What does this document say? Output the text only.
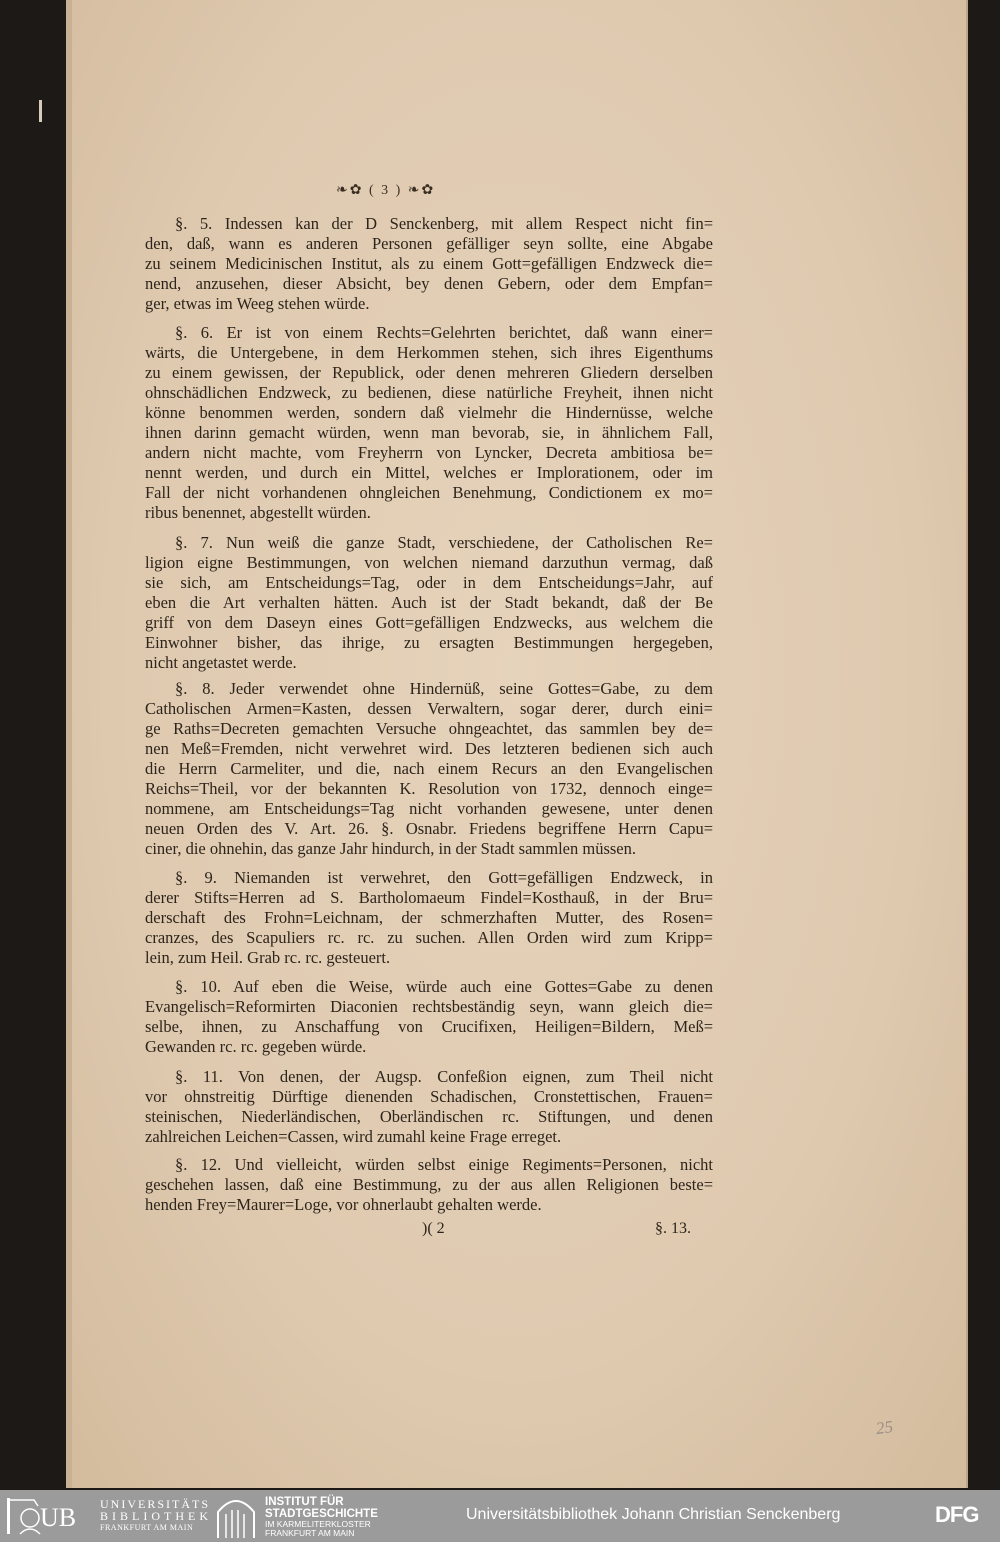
❧✿ ( 3 ) ❧✿
§. 5. Indessen kan der D Senckenberg, mit allem Respect nicht fin=
den, daß, wann es anderen Personen gefälliger seyn sollte, eine Abgabe
zu seinem Medicinischen Institut, als zu einem Gott=gefälligen Endzweck die=
nend, anzusehen, dieser Absicht, bey denen Gebern, oder dem Empfan=
ger, etwas im Weeg stehen würde.
§. 6. Er ist von einem Rechts=Gelehrten berichtet, daß wann einer=
wärts, die Untergebene, in dem Herkommen stehen, sich ihres Eigenthums
zu einem gewissen, der Republick, oder denen mehreren Gliedern derselben
ohnschädlichen Endzweck, zu bedienen, diese natürliche Freyheit, ihnen nicht
könne benommen werden, sondern daß vielmehr die Hindernüsse, welche
ihnen darinn gemacht würden, wenn man bevorab, sie, in ähnlichem Fall,
andern nicht machte, vom Freyherrn von Lyncker, Decreta ambitiosa be=
nennt werden, und durch ein Mittel, welches er Implorationem, oder im
Fall der nicht vorhandenen ohngleichen Benehmung, Condictionem ex mo=
ribus benennet, abgestellt würden.
§. 7. Nun weiß die ganze Stadt, verschiedene, der Catholischen Re=
ligion eigne Bestimmungen, von welchen niemand darzuthun vermag, daß
sie sich, am Entscheidungs=Tag, oder in dem Entscheidungs=Jahr, auf
eben die Art verhalten hätten. Auch ist der Stadt bekandt, daß der Be
griff von dem Daseyn eines Gott=gefälligen Endzwecks, aus welchem die
Einwohner bisher, das ihrige, zu ersagten Bestimmungen hergegeben,
nicht angetastet werde.
§. 8. Jeder verwendet ohne Hindernüß, seine Gottes=Gabe, zu dem
Catholischen Armen=Kasten, dessen Verwaltern, sogar derer, durch eini=
ge Raths=Decreten gemachten Versuche ohngeachtet, das sammlen bey de=
nen Meß=Fremden, nicht verwehret wird. Des letzteren bedienen sich auch
die Herrn Carmeliter, und die, nach einem Recurs an den Evangelischen
Reichs=Theil, vor der bekannten K. Resolution von 1732, dennoch einge=
nommene, am Entscheidungs=Tag nicht vorhanden gewesene, unter denen
neuen Orden des V. Art. 26. §. Osnabr. Friedens begriffene Herrn Capu=
ciner, die ohnehin, das ganze Jahr hindurch, in der Stadt sammlen müssen.
§. 9. Niemanden ist verwehret, den Gott=gefälligen Endzweck, in
derer Stifts=Herren ad S. Bartholomaeum Findel=Kosthauß, in der Bru=
derschaft des Frohn=Leichnam, der schmerzhaften Mutter, des Rosen=
cranzes, des Scapuliers rc. rc. zu suchen. Allen Orden wird zum Kripp=
lein, zum Heil. Grab rc. rc. gesteuert.
§. 10. Auf eben die Weise, würde auch eine Gottes=Gabe zu denen
Evangelisch=Reformirten Diaconien rechtsbeständig seyn, wann gleich die=
selbe, ihnen, zu Anschaffung von Crucifixen, Heiligen=Bildern, Meß=
Gewanden rc. rc. gegeben würde.
§. 11. Von denen, der Augsp. Confeßion eignen, zum Theil nicht
vor ohnstreitig Dürftige dienenden Schadischen, Cronstettischen, Frauen=
steinischen, Niederländischen, Oberländischen rc. Stiftungen, und denen
zahlreichen Leichen=Cassen, wird zumahl keine Frage erreget.
§. 12. Und vielleicht, würden selbst einige Regiments=Personen, nicht
geschehen lassen, daß eine Bestimmung, zu der aus allen Religionen beste=
henden Frey=Maurer=Loge, vor ohnerlaubt gehalten werde.
)( 2	§. 13.
25
UB UNIVERSITÄTS
BIBLIOTHEK
FRANKFURT AM MAIN
INSTITUT FÜR
STADTGESCHICHTE
IM KARMELITERKLOSTER
FRANKFURT AM MAIN
Universitätsbibliothek Johann Christian Senckenberg	DFG
